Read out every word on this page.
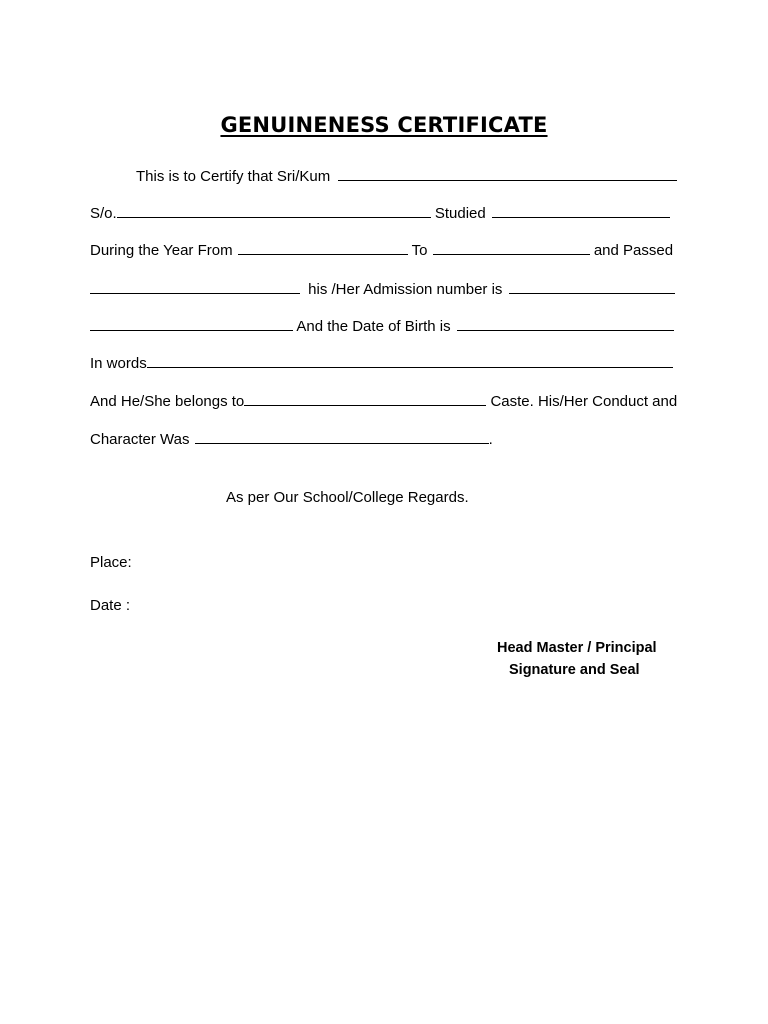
GENUINENESS CERTIFICATE
This is to Certify that Sri/Kum
S/o.	Studied
During the Year From	To	and Passed
his /Her Admission number is
And the Date of Birth is
In words
And He/She belongs to	Caste. His/Her Conduct and
Character Was	.
As per Our School/College Regards.
Place:
Date :
Head Master / Principal
Signature and Seal
